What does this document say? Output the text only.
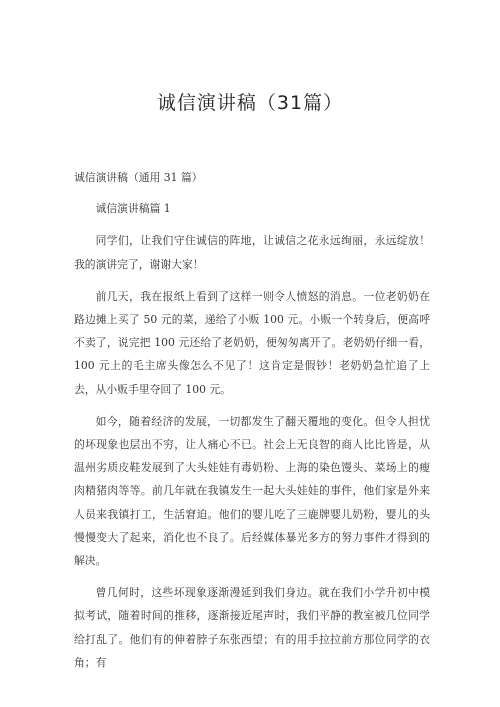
诚信演讲稿（31篇）

诚信演讲稿（通用 31 篇）

诚信演讲稿篇 1

同学们，让我们守住诚信的阵地，让诚信之花永远绚丽，永远绽放！我的演讲完了，谢谢大家！

前几天，我在报纸上看到了这样一则令人愤怒的消息。一位老奶奶在路边摊上买了 50 元的菜，递给了小贩 100 元。小贩一个转身后，便高呼不卖了，说完把 100 元还给了老奶奶，便匆匆离开了。老奶奶仔细一看，100 元上的毛主席头像怎么不见了！这肯定是假钞！老奶奶急忙追了上去，从小贩手里夺回了 100 元。

如今，随着经济的发展，一切都发生了翻天覆地的变化。但令人担忧的坏现象也层出不穷，让人痛心不已。社会上无良智的商人比比皆是，从温州劣质皮鞋发展到了大头娃娃有毒奶粉、上海的染色馒头、菜场上的瘦肉精猪肉等等。前几年就在我镇发生一起大头娃娃的事件，他们家是外来人员来我镇打工，生活窘迫。他们的婴儿吃了三鹿牌婴儿奶粉，婴儿的头慢慢变大了起来，消化也不良了。后经媒体暴光多方的努力事件才得到的解决。

曾几何时，这些坏现象逐渐漫延到我们身边。就在我们小学升初中模拟考试，随着时间的推移，逐渐接近尾声时，我们平静的教室被几位同学给打乱了。他们有的伸着脖子东张西望；有的用手拉拉前方那位同学的衣角；有
